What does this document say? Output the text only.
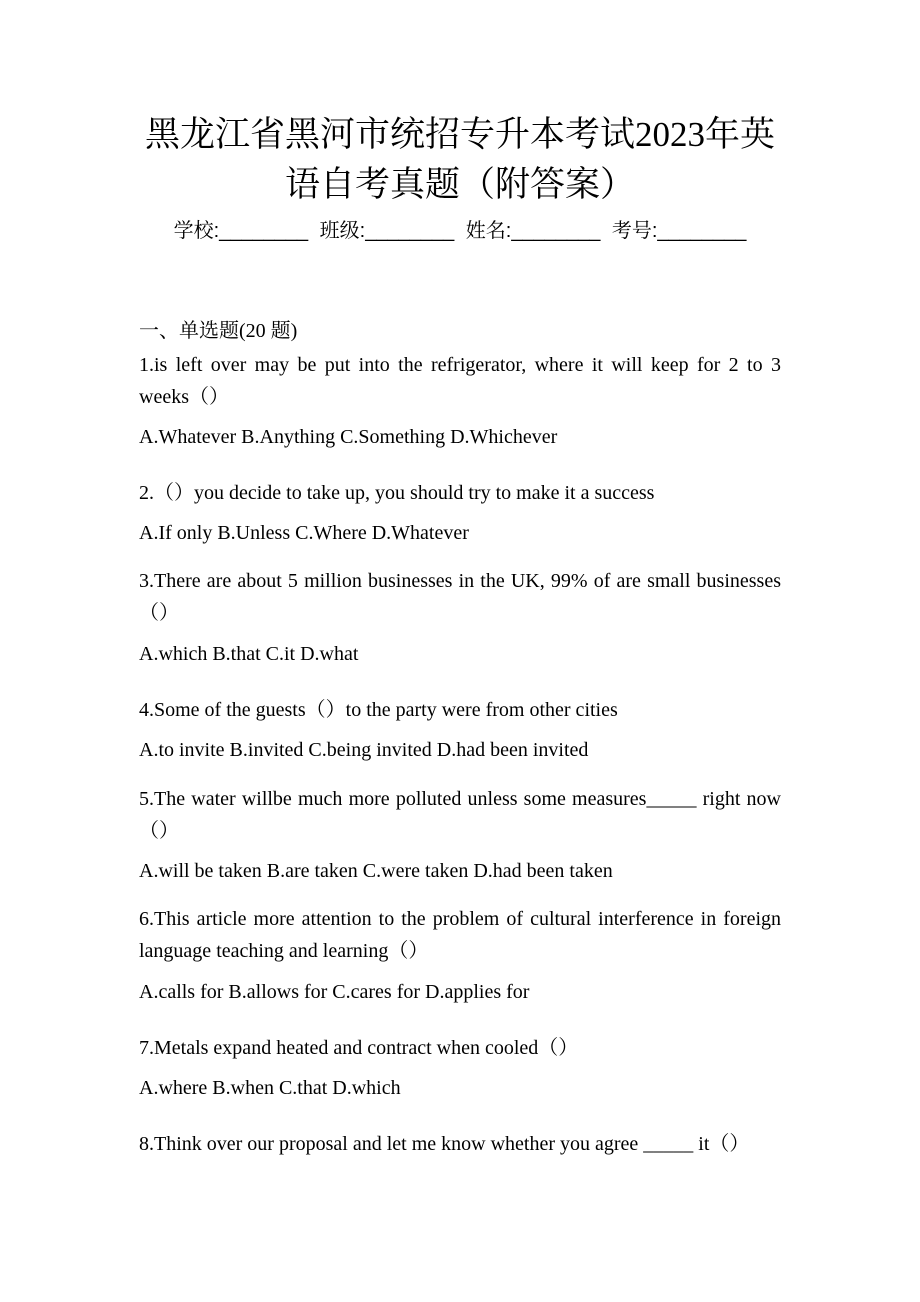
黑龙江省黑河市统招专升本考试2023年英
语自考真题（附答案）
学校:________ 班级:________ 姓名:________ 考号:________
一、单选题(20 题)
1.is left over may be put into the refrigerator, where it will keep for 2 to 3 weeks（）
A.Whatever B.Anything C.Something D.Whichever
2.（）you decide to take up, you should try to make it a success
A.If only B.Unless C.Where D.Whatever
3.There are about 5 million businesses in the UK, 99% of are small businesses（）
A.which B.that C.it D.what
4.Some of the guests（）to the party were from other cities
A.to invite B.invited C.being invited D.had been invited
5.The water willbe much more polluted unless some measures_____ right now（）
A.will be taken B.are taken C.were taken D.had been taken
6.This article more attention to the problem of cultural interference in foreign language teaching and learning（）
A.calls for B.allows for C.cares for D.applies for
7.Metals expand heated and contract when cooled（）
A.where B.when C.that D.which
8.Think over our proposal and let me know whether you agree _____ it（）
